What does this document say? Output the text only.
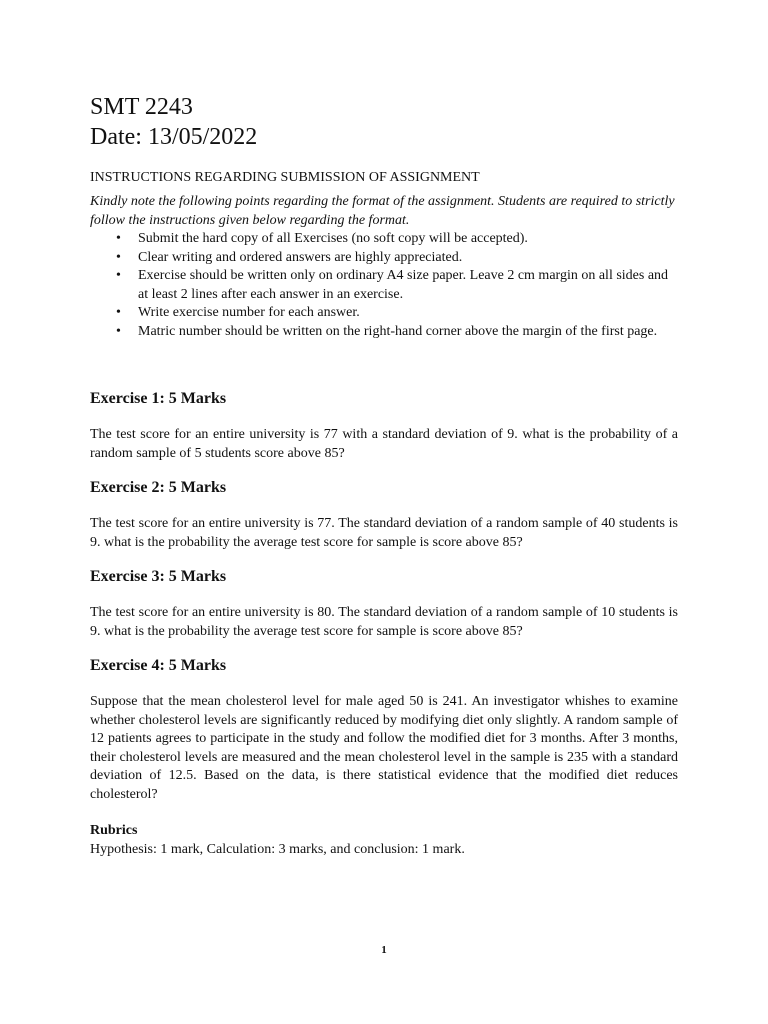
SMT 2243

Date: 13/05/2022

INSTRUCTIONS REGARDING SUBMISSION OF ASSIGNMENT

Kindly note the following points regarding the format of the assignment. Students are required to strictly follow the instructions given below regarding the format.

• Submit the hard copy of all Exercises (no soft copy will be accepted).
• Clear writing and ordered answers are highly appreciated.
• Exercise should be written only on ordinary A4 size paper. Leave 2 cm margin on all sides and at least 2 lines after each answer in an exercise.
• Write exercise number for each answer.
• Matric number should be written on the right-hand corner above the margin of the first page.

Exercise 1: 5 Marks

The test score for an entire university is 77 with a standard deviation of 9. what is the probability of a random sample of 5 students score above 85?

Exercise 2: 5 Marks

The test score for an entire university is 77. The standard deviation of a random sample of 40 students is 9. what is the probability the average test score for sample is score above 85?

Exercise 3: 5 Marks

The test score for an entire university is 80. The standard deviation of a random sample of 10 students is 9. what is the probability the average test score for sample is score above 85?

Exercise 4: 5 Marks

Suppose that the mean cholesterol level for male aged 50 is 241. An investigator whishes to examine whether cholesterol levels are significantly reduced by modifying diet only slightly. A random sample of 12 patients agrees to participate in the study and follow the modified diet for 3 months. After 3 months, their cholesterol levels are measured and the mean cholesterol level in the sample is 235 with a standard deviation of 12.5. Based on the data, is there statistical evidence that the modified diet reduces cholesterol?

Rubrics

Hypothesis: 1 mark, Calculation: 3 marks, and conclusion: 1 mark.

1
